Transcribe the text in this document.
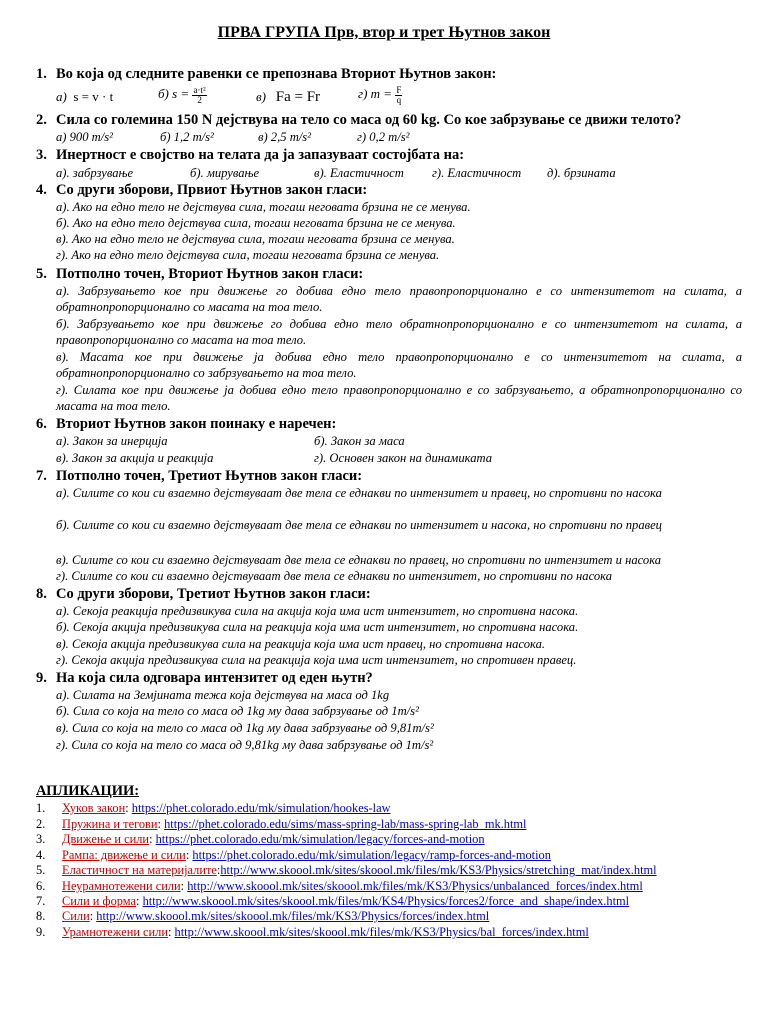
ПРВА ГРУПА Прв, втор и трет Њутнов закон
1. Во која од следните равенки се препознава Вториот Њутнов закон:
а) s = v · t	б) $s = \frac{\text{a·t²}}{2}$	в) Fa = Fr	г) $m = \frac{F}{q}$
2. Сила со големина 150 N дејствува на тело со маса од 60 kg. Со кое забрзување се движи телото?
а) 900 m/s²	б) 1,2 m/s²	в) 2,5 m/s²	г) 0,2 m/s²
3. Инертност е својство на телата да ја запазуваат состојбата на:
а). забрзување	б). мирување	в). Еластичност г). Еластичност д). брзината
4. Со други зборови, Првиот Њутнов закон гласи:
а). Ако на едно тело не дејствува сила, тогаш неговата брзина не се менува.
б). Ако на едно тело дејствува сила, тогаш неговата брзина не се менува.
в). Ако на едно тело не дејствува сила, тогаш неговата брзина се менува.
г). Ако на едно тело дејствува сила, тогаш неговата брзина се менува.
5. Потполно точен, Вториот Њутнов закон гласи:
а). Забрзувањето кое при движење го добива едно тело правопропорционално е со интензитетот на силата, а обратнопропорционално со масата на тоа тело.
б). Забрзувањето кое при движење го добива едно тело обратнопропорционално е со интензитетот на силата, а правопропорционално со масата на тоа тело.
в). Масата кое при движење ја добива едно тело правопропорционално е со интензитетот на силата, а обратнопропорционално со забрзувањето на тоа тело.
г). Силата кое при движење ја добива едно тело правопропорционално е со забрзувањето, а обратнопропорционално со масата на тоа тело.
6. Вториот Њутнов закон поинаку е наречен:
а). Закон за инерција	б). Закон за маса
в). Закон за акција и реакција	г). Основен закон на динамиката
7. Потполно точен, Третиот Њутнов закон гласи:
а). Силите со кои си взаемно дејствуваат две тела се еднакви по интензитет и правец, но спротивни по насока
б). Силите со кои си взаемно дејствуваат две тела се еднакви по интензитет и насока, но спротивни по правец
в). Силите со кои си взаемно дејствуваат две тела се еднакви по правец, но спротивни по интензитет и насока
г). Силите со кои си взаемно дејствуваат две тела се еднакви по интензитет, но спротивни по насока
8. Со други зборови, Третиот Њутнов закон гласи:
а). Секоја реакција предизвикува сила на акција која има ист интензитет, но спротивна насока.
б). Секоја акција предизвикува сила на реакција која има ист интензитет, но спротивна насока.
в). Секоја акција предизвикува сила на реакција која има ист правец, но спротивна насока.
г). Секоја акција предизвикува сила на реакција која има ист интензитет, но спротивен правец.
9. На која сила одговара интензитет од еден њутн?
а). Силата на Земјината тежа која дејствува на маса од 1kg
б). Сила со која на тело со маса од 1kg му дава забрзување од 1m/s²
в). Сила со која на тело со маса од 1kg му дава забрзување од 9,81m/s²
г). Сила со која на тело со маса од 9,81kg му дава забрзување од 1m/s²
АПЛИКАЦИИ:
1. Хуков закон: https://phet.colorado.edu/mk/simulation/hookes-law
2. Пружина и тегови: https://phet.colorado.edu/sims/mass-spring-lab/mass-spring-lab_mk.html
3. Движење и сили: https://phet.colorado.edu/mk/simulation/legacy/forces-and-motion
4. Рампа: движење и сили: https://phet.colorado.edu/mk/simulation/legacy/ramp-forces-and-motion
5. Еластичност на материјалите:http://www.skoool.mk/sites/skoool.mk/files/mk/KS3/Physics/stretching_mat/index.html
6. Неурамнотежени сили: http://www.skoool.mk/sites/skoool.mk/files/mk/KS3/Physics/unbalanced_forces/index.html
7. Сили и форма: http://www.skoool.mk/sites/skoool.mk/files/mk/KS4/Physics/forces2/force_and_shape/index.html
8. Сили: http://www.skoool.mk/sites/skoool.mk/files/mk/KS3/Physics/forces/index.html
9. Урамнотежени сили: http://www.skoool.mk/sites/skoool.mk/files/mk/KS3/Physics/bal_forces/index.html
